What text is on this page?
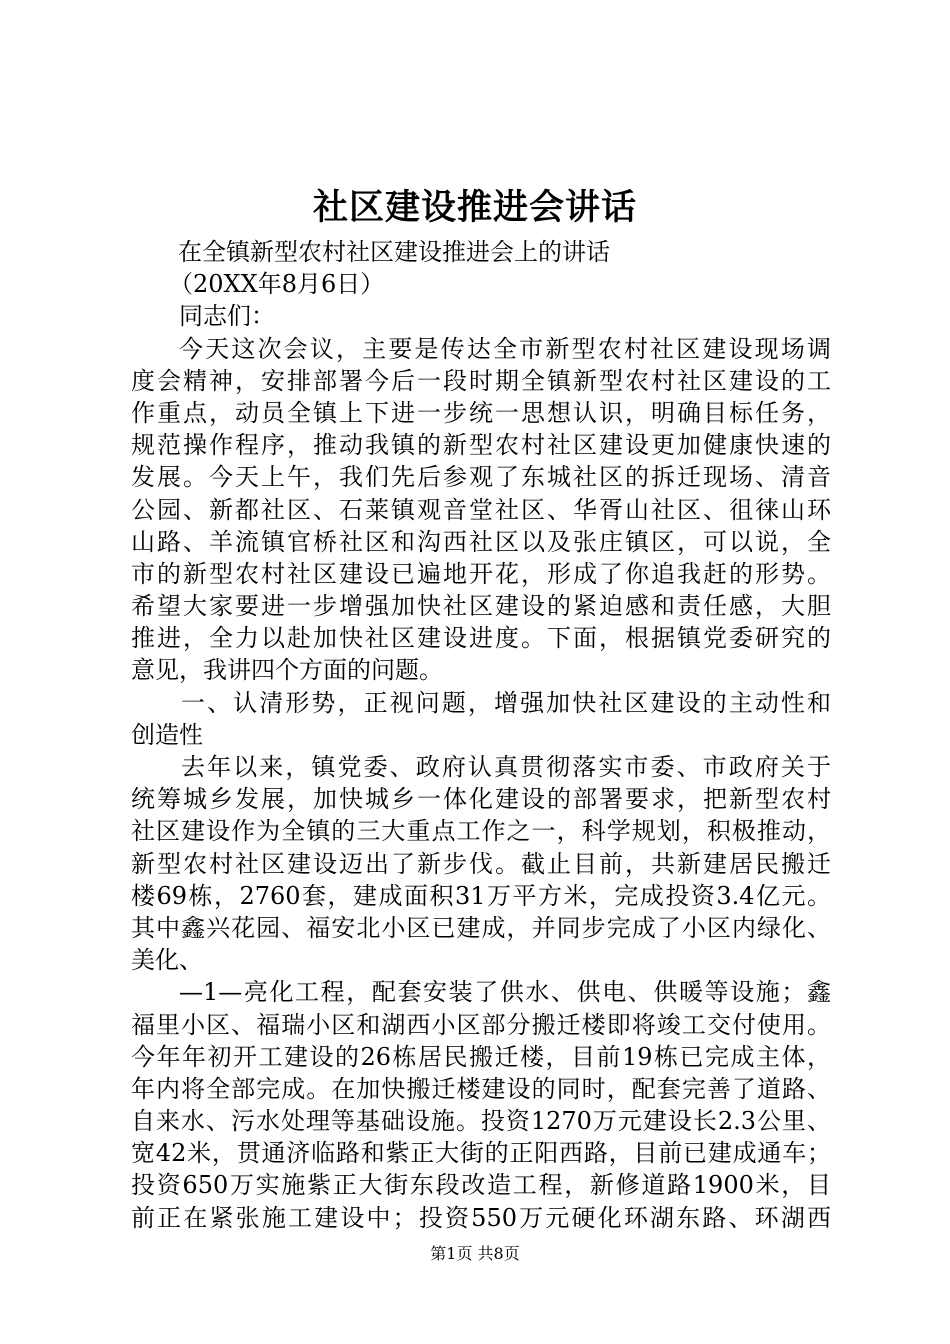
社区建设推进会讲话
在全镇新型农村社区建设推进会上的讲话
（20XX年8月6日）
同志们：
今天这次会议，主要是传达全市新型农村社区建设现场调
度会精神，安排部署今后一段时期全镇新型农村社区建设的工
作重点，动员全镇上下进一步统一思想认识，明确目标任务，
规范操作程序，推动我镇的新型农村社区建设更加健康快速的
发展。今天上午，我们先后参观了东城社区的拆迁现场、清音
公园、新都社区、石莱镇观音堂社区、华胥山社区、徂徕山环
山路、羊流镇官桥社区和沟西社区以及张庄镇区，可以说，全
市的新型农村社区建设已遍地开花，形成了你追我赶的形势。
希望大家要进一步增强加快社区建设的紧迫感和责任感，大胆
推进，全力以赴加快社区建设进度。下面，根据镇党委研究的
意见，我讲四个方面的问题。
一、认清形势，正视问题，增强加快社区建设的主动性和
创造性
去年以来，镇党委、政府认真贯彻落实市委、市政府关于
统筹城乡发展，加快城乡一体化建设的部署要求，把新型农村
社区建设作为全镇的三大重点工作之一，科学规划，积极推动，
新型农村社区建设迈出了新步伐。截止目前，共新建居民搬迁
楼69栋，2760套，建成面积31万平方米，完成投资3.4亿元。
其中鑫兴花园、福安北小区已建成，并同步完成了小区内绿化、
美化、
—1—亮化工程，配套安装了供水、供电、供暖等设施；鑫
福里小区、福瑞小区和湖西小区部分搬迁楼即将竣工交付使用。
今年年初开工建设的26栋居民搬迁楼，目前19栋已完成主体，
年内将全部完成。在加快搬迁楼建设的同时，配套完善了道路、
自来水、污水处理等基础设施。投资1270万元建设长2.3公里、
宽42米，贯通济临路和紫正大街的正阳西路，目前已建成通车；
投资650万实施紫正大街东段改造工程，新修道路1900米，目
前正在紧张施工建设中；投资550万元硬化环湖东路、环湖西
第1页 共8页
